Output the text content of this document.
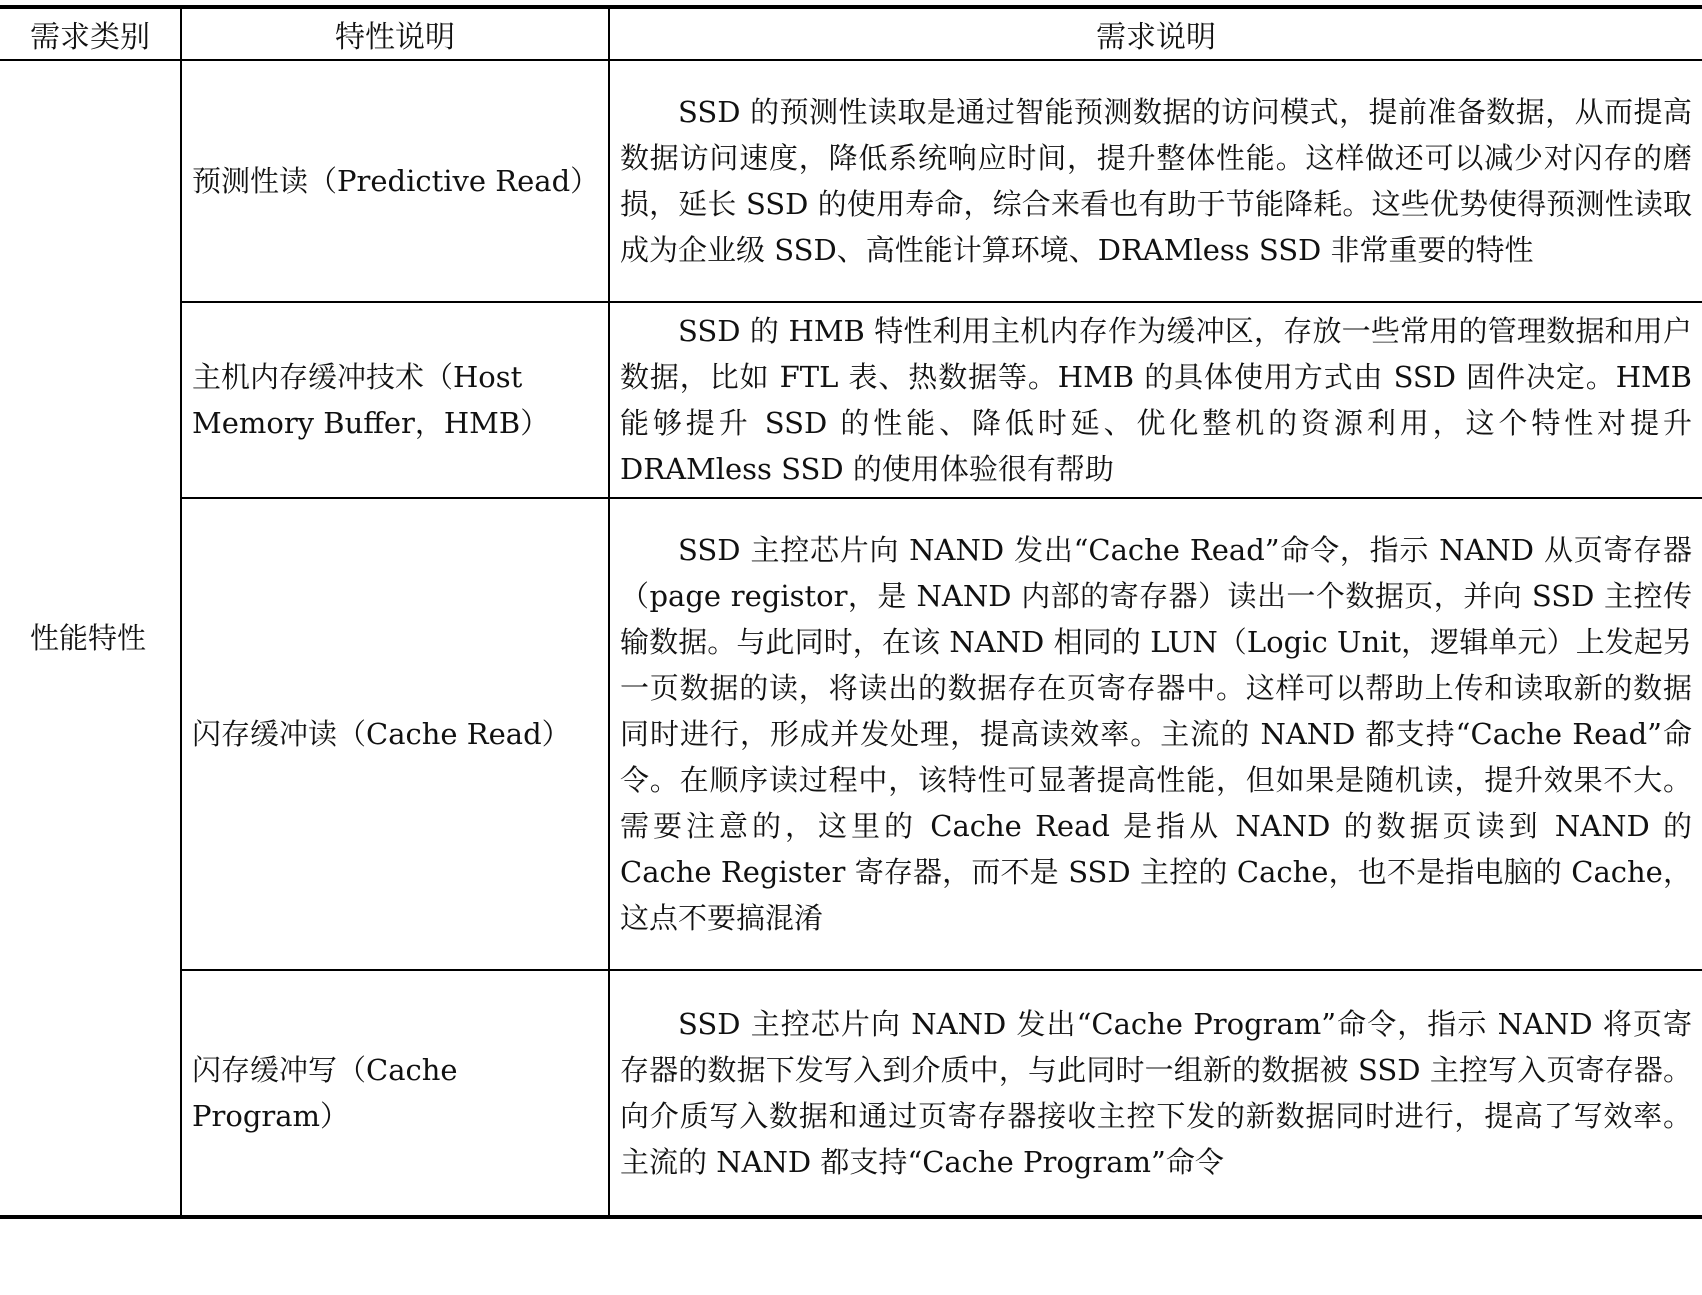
需求类别	特性说明	需求说明
性能特性	预测性读（Predictive Read）	SSD 的预测性读取是通过智能预测数据的访问模式，提前准备数据，从而提高数据访问速度，降低系统响应时间，提升整体性能。这样做还可以减少对闪存的磨损，延长 SSD 的使用寿命，综合来看也有助于节能降耗。这些优势使得预测性读取成为企业级 SSD、高性能计算环境、DRAMless SSD 非常重要的特性
	主机内存缓冲技术（Host Memory Buffer，HMB）	SSD 的 HMB 特性利用主机内存作为缓冲区，存放一些常用的管理数据和用户数据，比如 FTL 表、热数据等。HMB 的具体使用方式由 SSD 固件决定。HMB 能够提升 SSD 的性能、降低时延、优化整机的资源利用，这个特性对提升 DRAMless SSD 的使用体验很有帮助
	闪存缓冲读（Cache Read）	SSD 主控芯片向 NAND 发出“Cache Read”命令，指示 NAND 从页寄存器（page registor，是 NAND 内部的寄存器）读出一个数据页，并向 SSD 主控传输数据。与此同时，在该 NAND 相同的 LUN（Logic Unit，逻辑单元）上发起另一页数据的读，将读出的数据存在页寄存器中。这样可以帮助上传和读取新的数据同时进行，形成并发处理，提高读效率。主流的 NAND 都支持“Cache Read”命令。在顺序读过程中，该特性可显著提高性能，但如果是随机读，提升效果不大。需要注意的，这里的 Cache Read 是指从 NAND 的数据页读到 NAND 的 Cache Register 寄存器，而不是 SSD 主控的 Cache，也不是指电脑的 Cache，这点不要搞混淆
	闪存缓冲写（Cache Program）	SSD 主控芯片向 NAND 发出“Cache Program”命令，指示 NAND 将页寄存器的数据下发写入到介质中，与此同时一组新的数据被 SSD 主控写入页寄存器。向介质写入数据和通过页寄存器接收主控下发的新数据同时进行，提高了写效率。主流的 NAND 都支持“Cache Program”命令
